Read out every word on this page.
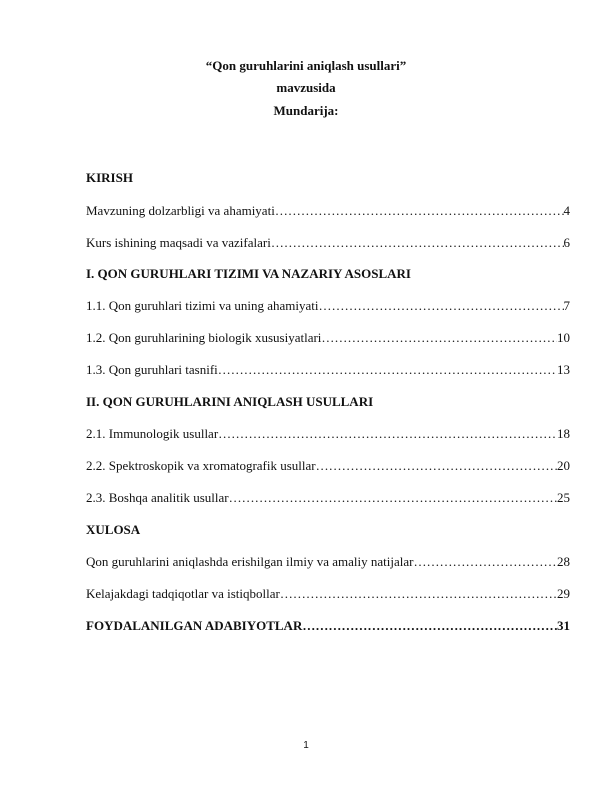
“Qon guruhlarini aniqlash usullari”
mavzusida
Mundarija:
KIRISH
Mavzuning dolzarbligi va ahamiyati …………………………………………………………………………………………………………………………………………………………………………	4
Kurs ishining maqsadi va vazifalari …………………………………………………………………………………………………………………………………………………………………………	6
I. QON GURUHLARI TIZIMI VA NAZARIY ASOSLARI
1.1. Qon guruhlari tizimi va uning ahamiyati …………………………………………………………………………………………………………………………………………………………………………	7
1.2. Qon guruhlarining biologik xususiyatlari …………………………………………………………………………………………………………………………………………………………………………	10
1.3. Qon guruhlari tasnifi …………………………………………………………………………………………………………………………………………………………………………	13
II. QON GURUHLARINI ANIQLASH USULLARI
2.1. Immunologik usullar …………………………………………………………………………………………………………………………………………………………………………	18
2.2. Spektroskopik va xromatografik usullar …………………………………………………………………………………………………………………………………………………………………………	20
2.3. Boshqa analitik usullar …………………………………………………………………………………………………………………………………………………………………………	25
XULOSA
Qon guruhlarini aniqlashda erishilgan ilmiy va amaliy natijalar …………………………………………………………………………………………………………………………………………………………………………	28
Kelajakdagi tadqiqotlar va istiqbollar …………………………………………………………………………………………………………………………………………………………………………	29
FOYDALANILGAN ADABIYOTLAR …………………………………………………………………………………………………………………………………………………………………………	31
1
